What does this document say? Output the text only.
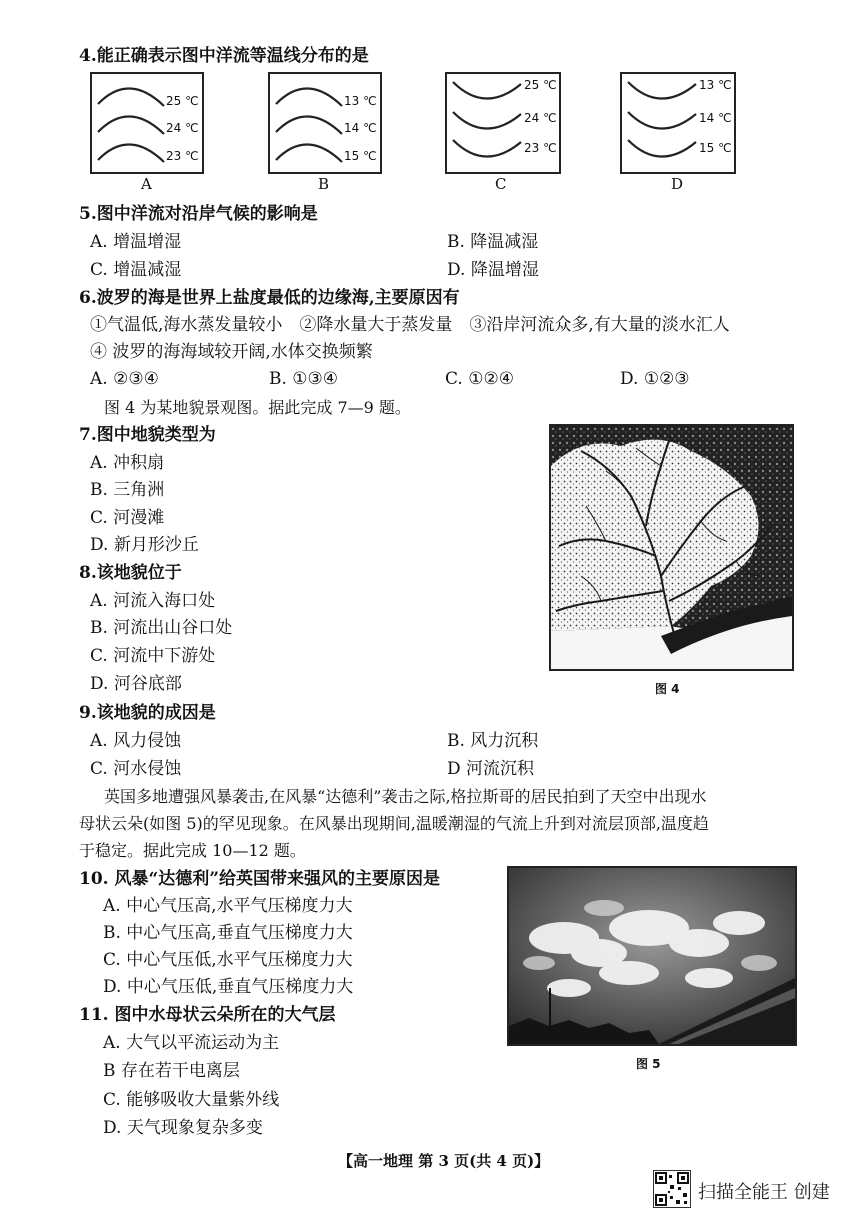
4.能正确表示图中洋流等温线分布的是
25 ℃
24 ℃
23 ℃
A
13 ℃
14 ℃
15 ℃
B
25 ℃
24 ℃
23 ℃
C
13 ℃
14 ℃
15 ℃
D
5.图中洋流对沿岸气候的影响是
A. 增温增湿	B. 降温减湿
C. 增温减湿	D. 降温增湿
6.波罗的海是世界上盐度最低的边缘海,主要原因有
①气温低,海水蒸发量较小　②降水量大于蒸发量　③沿岸河流众多,有大量的淡水汇人
④ 波罗的海海域较开阔,水体交换频繁
A. ②③④	B. ①③④	C. ①②④	D. ①②③
图 4 为某地貌景观图。据此完成 7—9 题。
7.图中地貌类型为
A. 冲积扇
B. 三角洲
C. 河漫滩
D. 新月形沙丘
8.该地貌位于
A. 河流入海口处
B. 河流出山谷口处
C. 河流中下游处
D. 河谷底部	图 4
9.该地貌的成因是
A. 风力侵蚀	B. 风力沉积
C. 河水侵蚀	D 河流沉积
英国多地遭强风暴袭击,在风暴“达德利”袭击之际,格拉斯哥的居民拍到了天空中出现水
母状云朵(如图 5)的罕见现象。在风暴出现期间,温暖潮湿的气流上升到对流层顶部,温度趋
于稳定。据此完成 10—12 题。
10. 风暴“达德利”给英国带来强风的主要原因是
A. 中心气压高,水平气压梯度力大
B. 中心气压高,垂直气压梯度力大
C. 中心气压低,水平气压梯度力大
D. 中心气压低,垂直气压梯度力大
11. 图中水母状云朵所在的大气层
A. 大气以平流运动为主
B 存在若干电离层
C. 能够吸收大量紫外线
D. 天气现象复杂多变
图 5
【高一地理 第 3 页(共 4 页)】
扫描全能王 创建
